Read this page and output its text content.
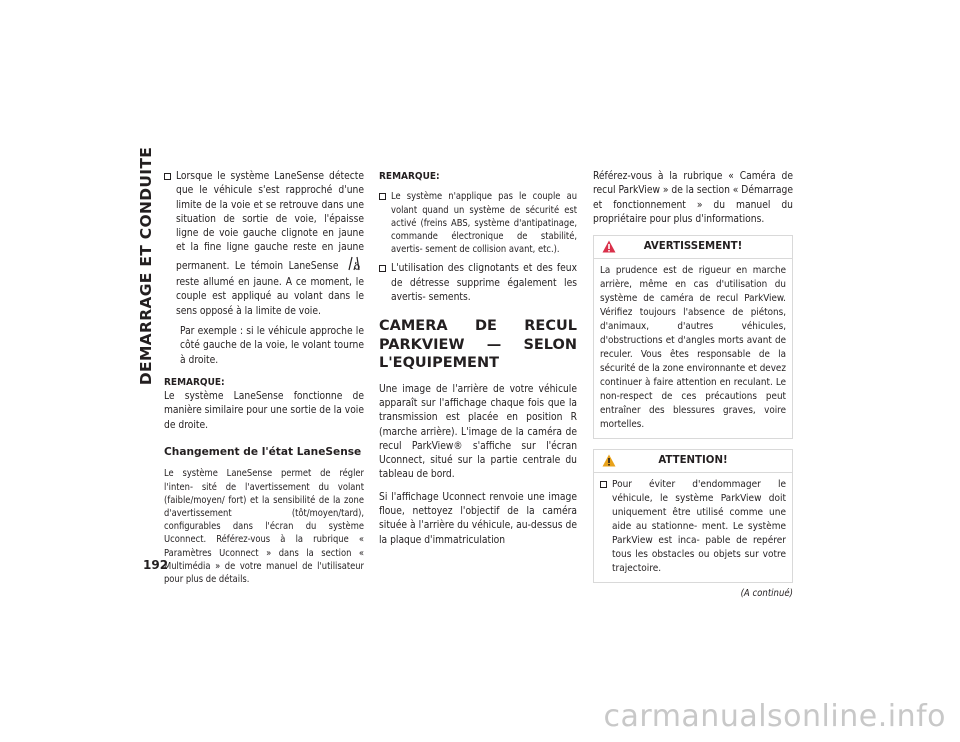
DEMARRAGE ET CONDUITE
192
Lorsque le système LaneSense détecte que le véhicule s'est rapproché d'une limite de la voie et se retrouve dans une situation de sortie de voie, l'épaisse ligne de voie gauche clignote en jaune et la fine ligne gauche reste en jaune permanent. Le témoin LaneSense  reste allumé en jaune. A ce moment, le couple est appliqué au volant dans le sens opposé à la limite de voie.

Par exemple : si le véhicule approche le côté gauche de la voie, le volant tourne à droite.

REMARQUE:

Le système LaneSense fonctionne de manière similaire pour une sortie de la voie de droite.

Changement de l'état LaneSense

Le système LaneSense permet de régler l'inten- sité de l'avertissement du volant (faible/moyen/ fort) et la sensibilité de la zone d'avertissement (tôt/moyen/tard), configurables dans l'écran du système Uconnect. Référez-vous à la rubrique « Paramètres Uconnect » dans la section « Multimédia » de votre manuel de l'utilisateur pour plus de détails.

REMARQUE:

Le système n'applique pas le couple au volant quand un système de sécurité est activé (freins ABS, système d'antipatinage, commande électronique de stabilité, avertis- sement de collision avant, etc.).
L'utilisation des clignotants et des feux de détresse supprime également les avertis- sements.
CAMERA DE RECUL PARKVIEW — SELON L'EQUIPEMENT

Une image de l'arrière de votre véhicule apparaît sur l'affichage chaque fois que la transmission est placée en position R (marche arrière). L'image de la caméra de recul ParkView® s'affiche sur l'écran Uconnect, situé sur la partie centrale du tableau de bord.

Si l'affichage Uconnect renvoie une image floue, nettoyez l'objectif de la caméra située à l'arrière du véhicule, au-dessus de la plaque d'immatriculation

Référez-vous à la rubrique « Caméra de recul ParkView » de la section « Démarrage et fonctionnement » du manuel du propriétaire pour plus d'informations.

AVERTISSEMENT!
La prudence est de rigueur en marche arrière, même en cas d'utilisation du système de caméra de recul ParkView. Vérifiez toujours l'absence de piétons, d'animaux, d'autres véhicules, d'obstructions et d'angles morts avant de reculer. Vous êtes responsable de la sécurité de la zone environnante et devez continuer à faire attention en reculant. Le non-respect de ces précautions peut entraîner des blessures graves, voire mortelles.
ATTENTION!
Pour éviter d'endommager le véhicule, le système ParkView doit uniquement être utilisé comme une aide au stationne- ment. Le système ParkView est inca- pable de repérer tous les obstacles ou objets sur votre trajectoire.
(A continué)
carmanualsonline.info
